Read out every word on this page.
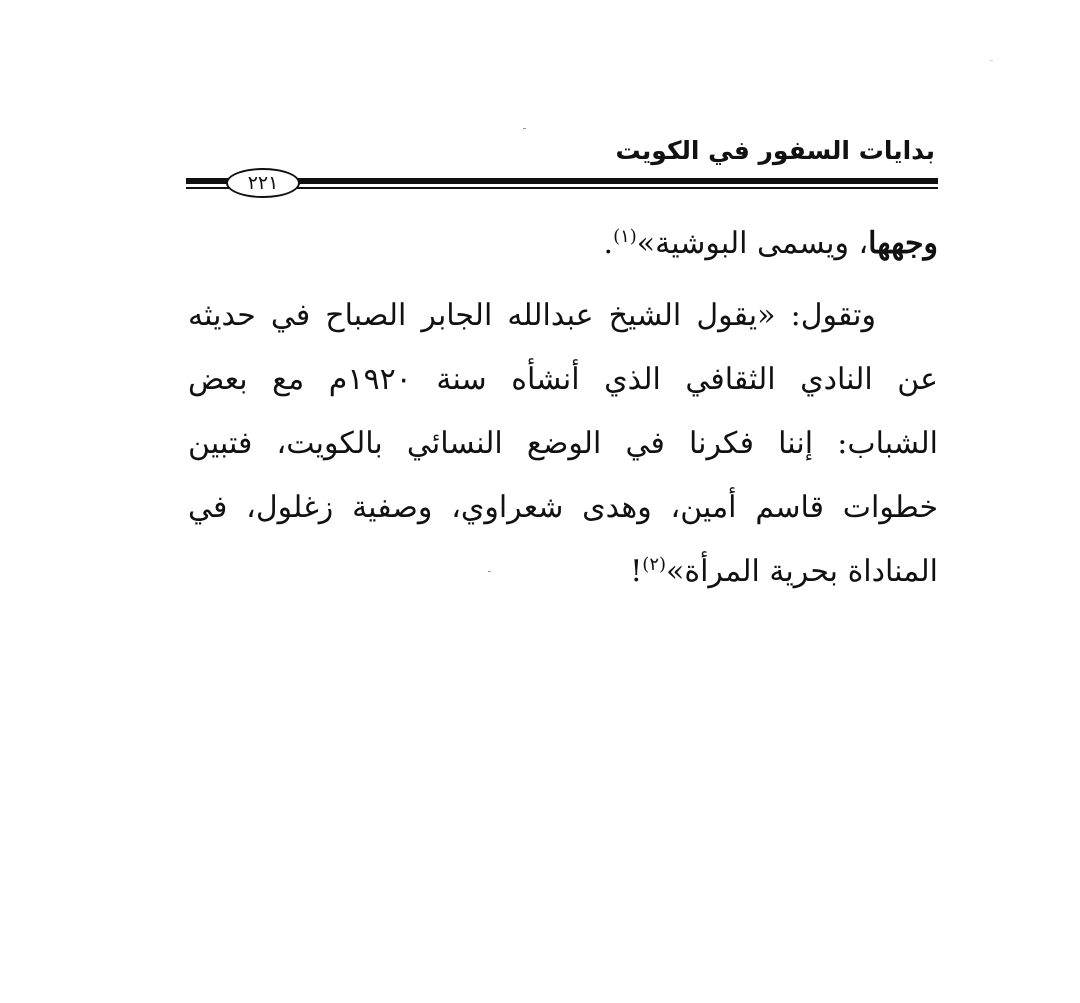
بدايات السفور في الكويت
٢٢١
وجهها، ويسمى البوشية»$^{(١)}$.
وتقول: «يقول الشيخ عبدالله الجابر الصباح في حديثه
عن النادي الثقافي الذي أنشأه سنة ١٩٢٠م مع بعض
الشباب: إننا فكرنا في الوضع النسائي بالكويت، فتبين
خطوات قاسم أمين، وهدى شعراوي، وصفية زغلول، في
المناداة بحرية المرأة»$^{(٢)}$!
